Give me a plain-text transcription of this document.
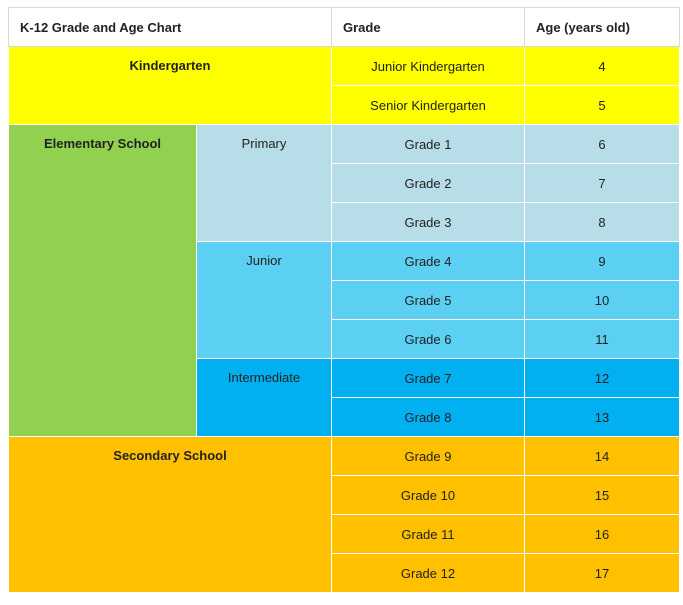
K-12 Grade and Age Chart		Grade	Age (years old)
Kindergarten		Junior Kindergarten	4
		Senior Kindergarten	5
Elementary School	Primary	Grade 1	6
		Grade 2	7
		Grade 3	8
	Junior	Grade 4	9
		Grade 5	10
		Grade 6	11
	Intermediate	Grade 7	12
		Grade 8	13
Secondary School		Grade 9	14
		Grade 10	15
		Grade 11	16
		Grade 12	17
